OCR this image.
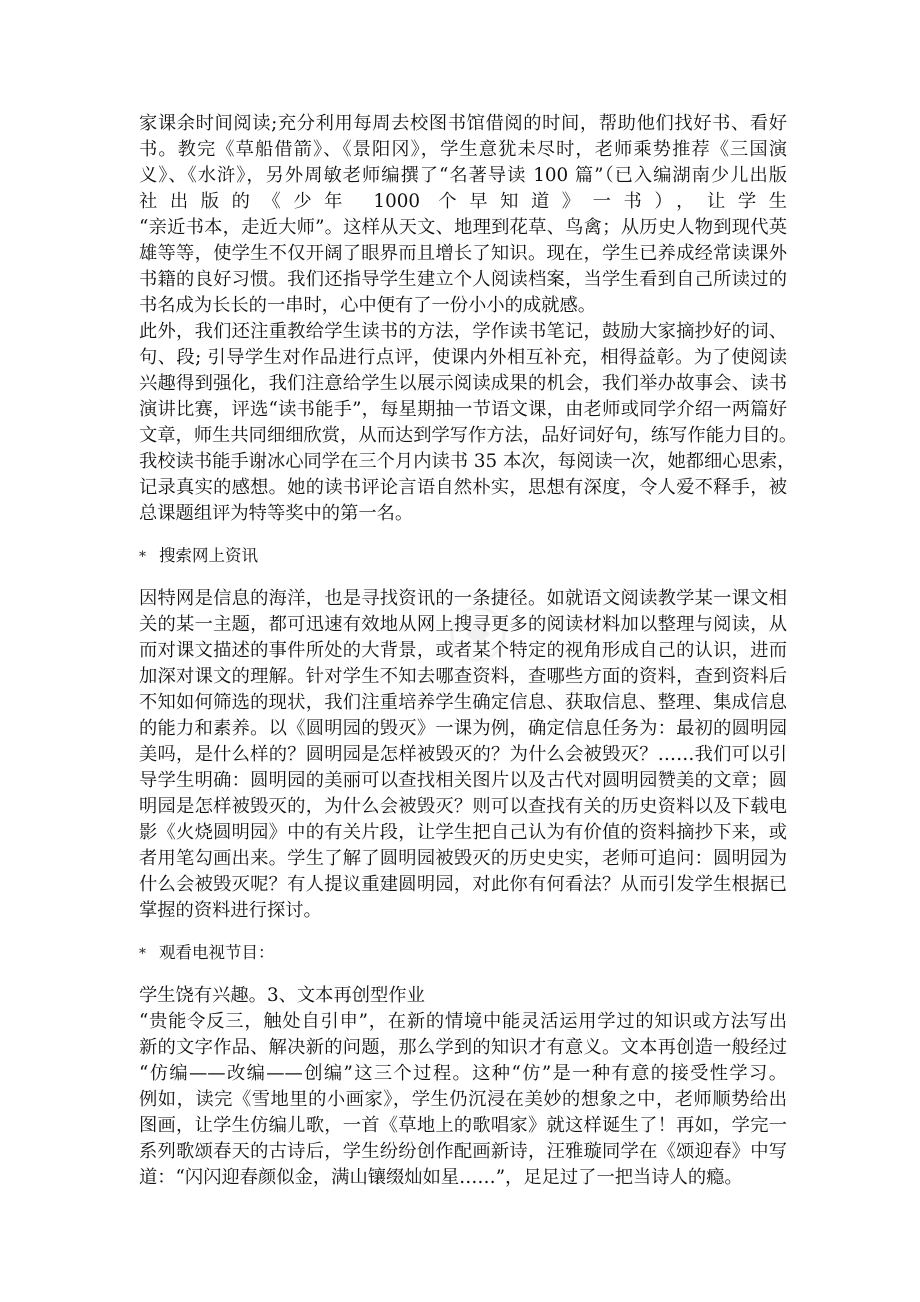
家课余时间阅读;充分利用每周去校图书馆借阅的时间，帮助他们找好书、看好
书。教完《草船借箭》、《景阳冈》，学生意犹未尽时，老师乘势推荐《三国演
义》、《水浒》，另外周敏老师编撰了“名著导读 100 篇”（已入编湖南少儿出版
社出版的《少年 1000 个早知道》一书），让学生
“亲近书本，走近大师”。这样从天文、地理到花草、鸟禽；从历史人物到现代英
雄等等，使学生不仅开阔了眼界而且增长了知识。现在，学生已养成经常读课外
书籍的良好习惯。我们还指导学生建立个人阅读档案，当学生看到自己所读过的
书名成为长长的一串时，心中便有了一份小小的成就感。
此外，我们还注重教给学生读书的方法，学作读书笔记，鼓励大家摘抄好的词、
句、段; 引导学生对作品进行点评，使课内外相互补充，相得益彰。为了使阅读
兴趣得到强化，我们注意给学生以展示阅读成果的机会，我们举办故事会、读书
演讲比赛，评选“读书能手”，每星期抽一节语文课，由老师或同学介绍一两篇好
文章，师生共同细细欣赏，从而达到学写作方法，品好词好句，练写作能力目的。
我校读书能手谢冰心同学在三个月内读书 35 本次，每阅读一次，她都细心思索，
记录真实的感想。她的读书评论言语自然朴实，思想有深度，令人爱不释手，被
总课题组评为特等奖中的第一名。
* 搜索网上资讯
因特网是信息的海洋，也是寻找资讯的一条捷径。如就语文阅读教学某一课文相
关的某一主题，都可迅速有效地从网上搜寻更多的阅读材料加以整理与阅读，从
而对课文描述的事件所处的大背景，或者某个特定的视角形成自己的认识，进而
加深对课文的理解。针对学生不知去哪查资料，查哪些方面的资料，查到资料后
不知如何筛选的现状，我们注重培养学生确定信息、获取信息、整理、集成信息
的能力和素养。以《圆明园的毁灭》一课为例，确定信息任务为：最初的圆明园
美吗，是什么样的？圆明园是怎样被毁灭的？为什么会被毁灭？……我们可以引
导学生明确：圆明园的美丽可以查找相关图片以及古代对圆明园赞美的文章；圆
明园是怎样被毁灭的，为什么会被毁灭？则可以查找有关的历史资料以及下载电
影《火烧圆明园》中的有关片段，让学生把自己认为有价值的资料摘抄下来，或
者用笔勾画出来。学生了解了圆明园被毁灭的历史史实，老师可追问：圆明园为
什么会被毁灭呢？有人提议重建圆明园，对此你有何看法？从而引发学生根据已
掌握的资料进行探讨。
* 观看电视节目：
学生饶有兴趣。3、文本再创型作业
“贵能令反三，触处自引申”，在新的情境中能灵活运用学过的知识或方法写出
新的文字作品、解决新的问题，那么学到的知识才有意义。文本再创造一般经过
“仿编——改编——创编”这三个过程。这种“仿”是一种有意的接受性学习。
例如，读完《雪地里的小画家》，学生仍沉浸在美妙的想象之中，老师顺势给出
图画，让学生仿编儿歌，一首《草地上的歌唱家》就这样诞生了！再如，学完一
系列歌颂春天的古诗后，学生纷纷创作配画新诗，汪雅璇同学在《颂迎春》中写
道：“闪闪迎春颜似金，满山镶缀灿如星……”，足足过了一把当诗人的瘾。
